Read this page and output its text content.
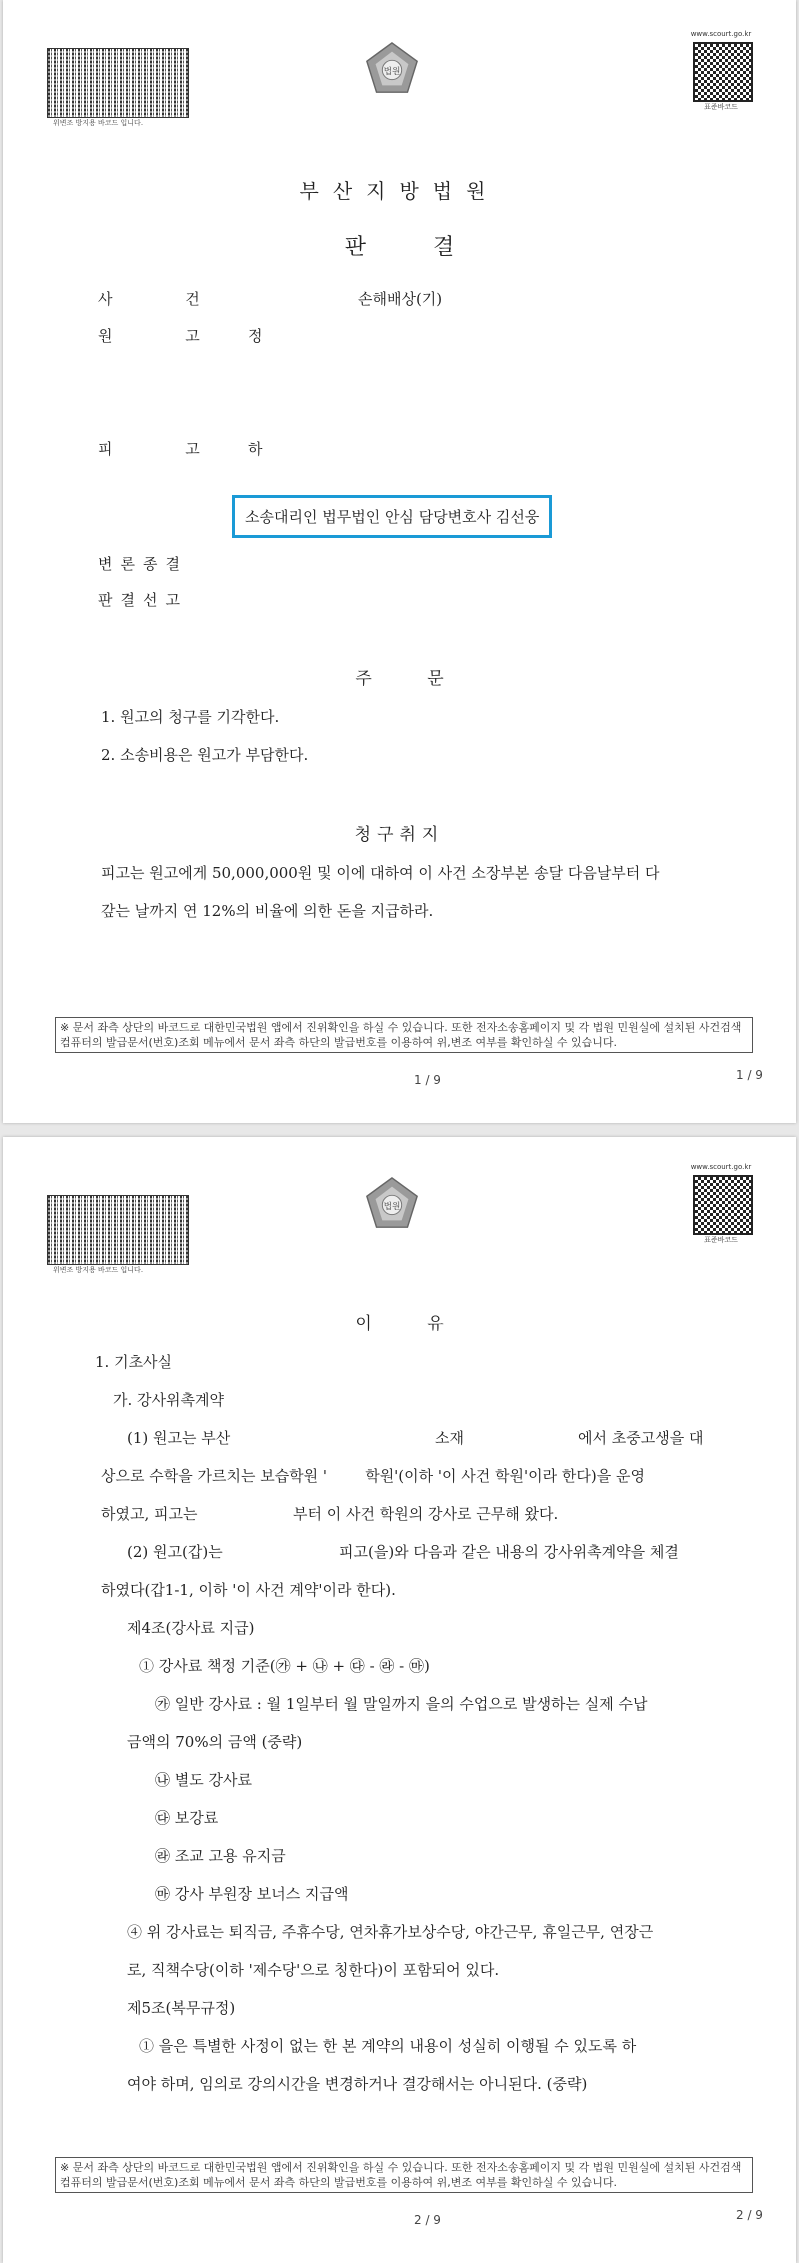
위변조 방지용 바코드 입니다.
법원
www.scourt.go.kr
표준바코드
부산지방법원
판 결
사 건	손해배상(기)
원 고 정
피 고 하
소송대리인 법무법인 안심 담당변호사 김선웅
변론종결
판결선고
주 문
1. 원고의 청구를 기각한다.
2. 소송비용은 원고가 부담한다.
청구취지
피고는 원고에게 50,000,000원 및 이에 대하여 이 사건 소장부본 송달 다음날부터 다
갚는 날까지 연 12%의 비율에 의한 돈을 지급하라.
※ 문서 좌측 상단의 바코드로 대한민국법원 앱에서 진위확인을 하실 수 있습니다. 또한 전자소송홈페이지 및 각 법원 민원실에 설치된 사건검색 컴퓨터의 발급문서(번호)조회 메뉴에서 문서 좌측 하단의 발급번호를 이용하여 위,변조 여부를 확인하실 수 있습니다.
1 / 9	1 / 9
위변조 방지용 바코드 입니다.
법원
www.scourt.go.kr
표준바코드
이 유
1. 기초사실
가. 강사위촉계약
(1) 원고는 부산	소재	에서 초중고생을 대
상으로 수학을 가르치는 보습학원 '        학원'(이하 '이 사건 학원'이라 한다)을 운영
하였고, 피고는	부터 이 사건 학원의 강사로 근무해 왔다.
(2) 원고(갑)는	피고(을)와 다음과 같은 내용의 강사위촉계약을 체결
하였다(갑1-1, 이하 '이 사건 계약'이라 한다).
제4조(강사료 지급)
① 강사료 책정 기준(㉮ + ㉯ + ㉰ - ㉱ - ㉲)
㉮ 일반 강사료 : 월 1일부터 월 말일까지 을의 수업으로 발생하는 실제 수납
금액의 70%의 금액 (중략)
㉯ 별도 강사료
㉰ 보강료
㉱ 조교 고용 유지금
㉲ 강사 부원장 보너스 지급액
④ 위 강사료는 퇴직금, 주휴수당, 연차휴가보상수당, 야간근무, 휴일근무, 연장근
로, 직책수당(이하 '제수당'으로 칭한다)이 포함되어 있다.
제5조(복무규정)
① 을은 특별한 사정이 없는 한 본 계약의 내용이 성실히 이행될 수 있도록 하
여야 하며, 임의로 강의시간을 변경하거나 결강해서는 아니된다. (중략)
※ 문서 좌측 상단의 바코드로 대한민국법원 앱에서 진위확인을 하실 수 있습니다. 또한 전자소송홈페이지 및 각 법원 민원실에 설치된 사건검색 컴퓨터의 발급문서(번호)조회 메뉴에서 문서 좌측 하단의 발급번호를 이용하여 위,변조 여부를 확인하실 수 있습니다.
2 / 9	2 / 9
